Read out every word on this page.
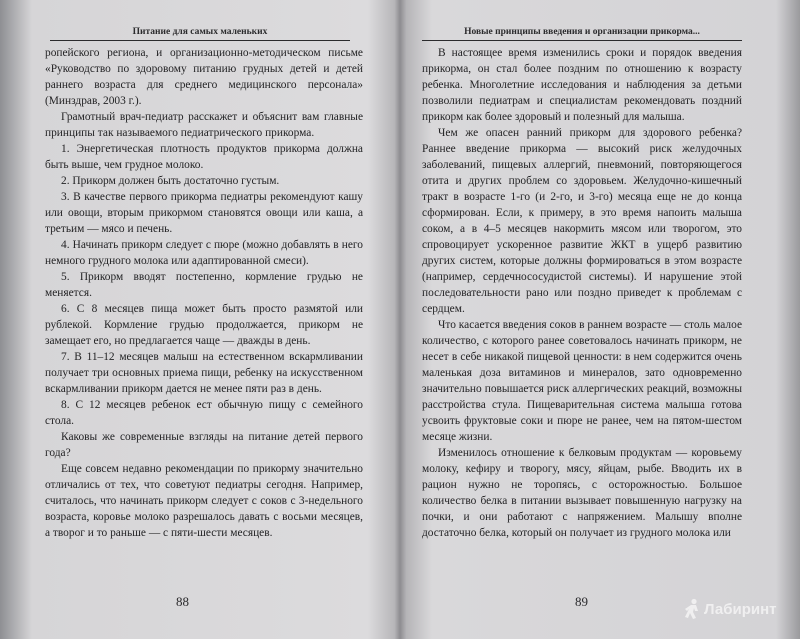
Питание для самых маленьких

ропейского региона, и организационно-методическом письме «Руководство по здоровому питанию грудных детей и детей раннего возраста для среднего медицинского персонала» (Минздрав, 2003 г.).

Грамотный врач-педиатр расскажет и объяснит вам главные принципы так называемого педиатрического прикорма.

1. Энергетическая плотность продуктов прикорма должна быть выше, чем грудное молоко.

2. Прикорм должен быть достаточно густым.

3. В качестве первого прикорма педиатры рекомендуют кашу или овощи, вторым прикормом становятся овощи или каша, а третьим — мясо и печень.

4. Начинать прикорм следует с пюре (можно добавлять в него немного грудного молока или адаптированной смеси).

5. Прикорм вводят постепенно, кормление грудью не меняется.

6. С 8 месяцев пища может быть просто размятой или рублекой. Кормление грудью продолжается, прикорм не замещает его, но предлагается чаще — дважды в день.

7. В 11–12 месяцев малыш на естественном вскармливании получает три основных приема пищи, ребенку на искусственном вскармливании прикорм дается не менее пяти раз в день.

8. С 12 месяцев ребенок ест обычную пищу с семейного стола.

Каковы же современные взгляды на питание детей первого года?

Еще совсем недавно рекомендации по прикорму значительно отличались от тех, что советуют педиатры сегодня. Например, считалось, что начинать прикорм следует с соков с 3-недельного возраста, коровье молоко разрешалось давать с восьми месяцев, а творог и то раньше — с пяти-шести месяцев.

88
Новые принципы введения и организации прикорма...

В настоящее время изменились сроки и порядок введения прикорма, он стал более поздним по отношению к возрасту ребенка. Многолетние исследования и наблюдения за детьми позволили педиатрам и специалистам рекомендовать поздний прикорм как более здоровый и полезный для малыша.

Чем же опасен ранний прикорм для здорового ребенка? Раннее введение прикорма — высокий риск желудочных заболеваний, пищевых аллергий, пневмоний, повторяющегося отита и других проблем со здоровьем. Желудочно-кишечный тракт в возрасте 1-го (и 2-го, и 3-го) месяца еще не до конца сформирован. Если, к примеру, в это время напоить малыша соком, а в 4–5 месяцев накормить мясом или творогом, это спровоцирует ускоренное развитие ЖКТ в ущерб развитию других систем, которые должны формироваться в этом возрасте (например, сердечнососудистой системы). И нарушение этой последовательности рано или поздно приведет к проблемам с сердцем.

Что касается введения соков в раннем возрасте — столь малое количество, с которого ранее советовалось начинать прикорм, не несет в себе никакой пищевой ценности: в нем содержится очень маленькая доза витаминов и минералов, зато одновременно значительно повышается риск аллергических реакций, возможны расстройства стула. Пищеварительная система малыша готова усвоить фруктовые соки и пюре не ранее, чем на пятом-шестом месяце жизни.

Изменилось отношение к белковым продуктам — коровьему молоку, кефиру и творогу, мясу, яйцам, рыбе. Вводить их в рацион нужно не торопясь, с осторожностью. Большое количество белка в питании вызывает повышенную нагрузку на почки, и они работают с напряжением. Малышу вполне достаточно белка, который он получает из грудного молока или

89	Лабиринт
